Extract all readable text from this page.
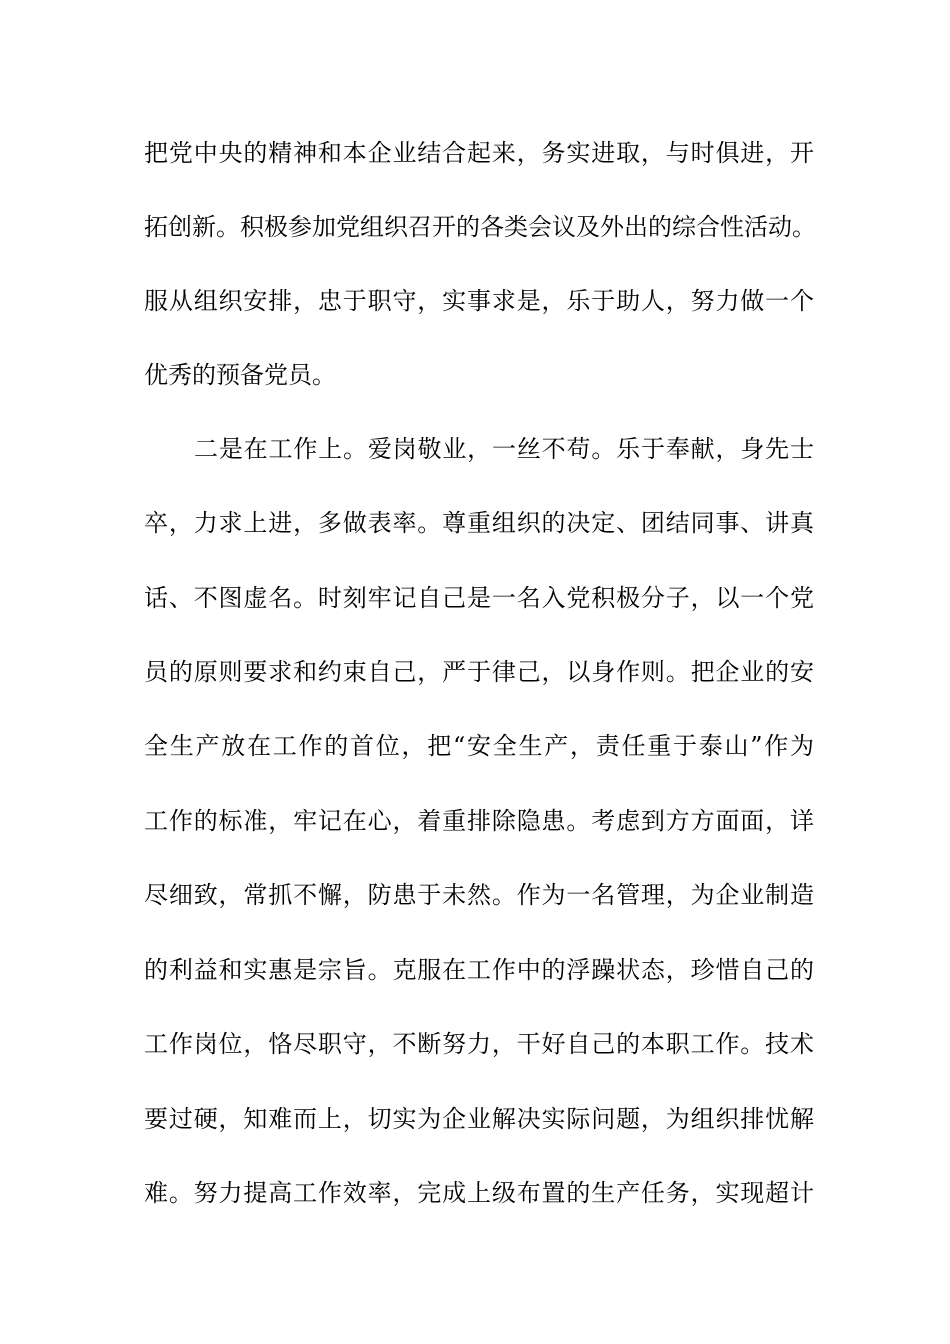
把党中央的精神和本企业结合起来，务实进取，与时俱进，开

拓创新。积极参加党组织召开的各类会议及外出的综合性活动。

服从组织安排，忠于职守，实事求是，乐于助人，努力做一个

优秀的预备党员。

二是在工作上。爱岗敬业，一丝不苟。乐于奉献，身先士

卒，力求上进，多做表率。尊重组织的决定、团结同事、讲真

话、不图虚名。时刻牢记自己是一名入党积极分子，以一个党

员的原则要求和约束自己，严于律己，以身作则。把企业的安

全生产放在工作的首位，把“安全生产，责任重于泰山”作为

工作的标准，牢记在心，着重排除隐患。考虑到方方面面，详

尽细致，常抓不懈，防患于未然。作为一名管理，为企业制造

的利益和实惠是宗旨。克服在工作中的浮躁状态，珍惜自己的

工作岗位，恪尽职守，不断努力，干好自己的本职工作。技术

要过硬，知难而上，切实为企业解决实际问题，为组织排忧解

难。努力提高工作效率，完成上级布置的生产任务，实现超计
